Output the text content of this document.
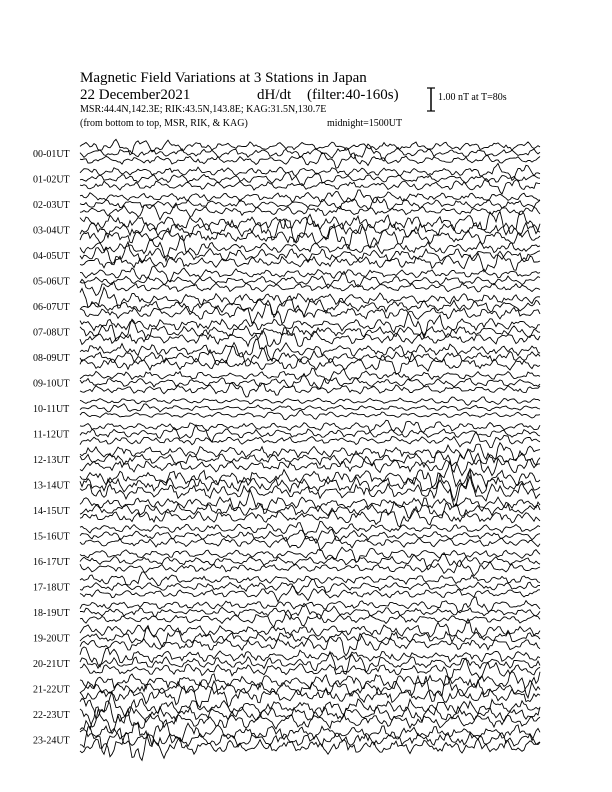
Magnetic Field Variations at 3 Stations in Japan
22 December2021	dH/dt (filter:40-160s)
MSR:44.4N,142.3E; RIK:43.5N,143.8E; KAG:31.5N,130.7E
(from bottom to top, MSR, RIK, & KAG)	midnight=1500UT
1.00 nT at T=80s
00-01UT
01-02UT
02-03UT
03-04UT
04-05UT
05-06UT
06-07UT
07-08UT
08-09UT
09-10UT
10-11UT
11-12UT
12-13UT
13-14UT
14-15UT
15-16UT
16-17UT
17-18UT
18-19UT
19-20UT
20-21UT
21-22UT
22-23UT
23-24UT
